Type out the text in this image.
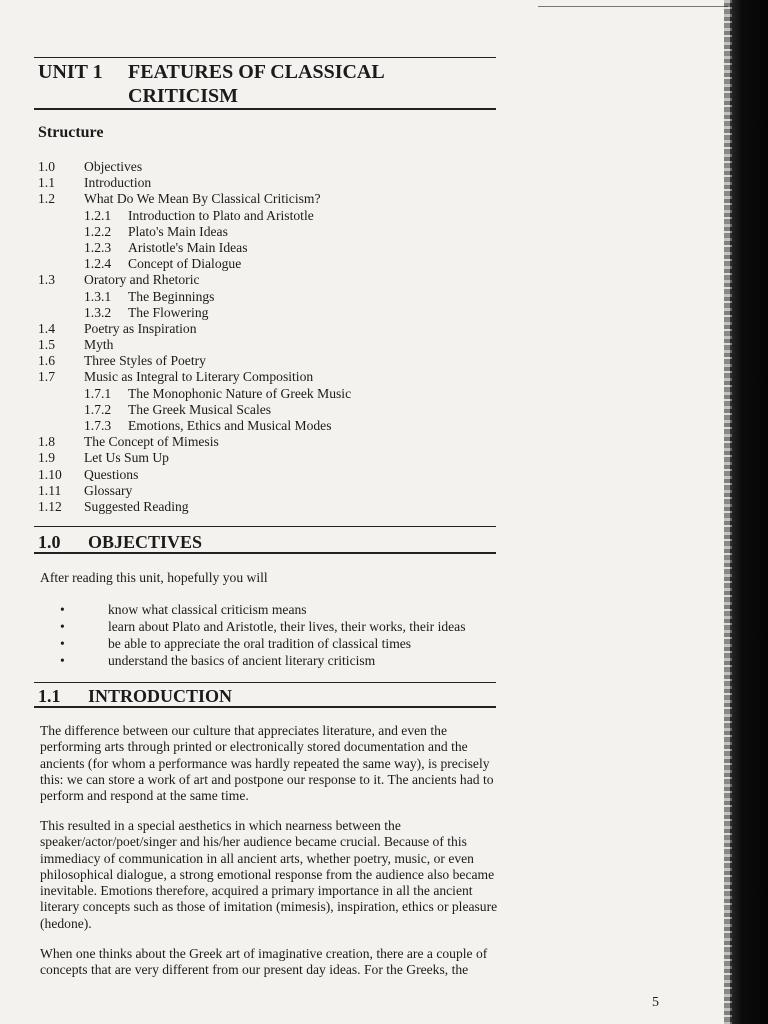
UNIT 1 FEATURES OF CLASSICAL CRITICISM
Structure
1.0 Objectives
1.1 Introduction
1.2 What Do We Mean By Classical Criticism?
1.2.1 Introduction to Plato and Aristotle
1.2.2 Plato's Main Ideas
1.2.3 Aristotle's Main Ideas
1.2.4 Concept of Dialogue
1.3 Oratory and Rhetoric
1.3.1 The Beginnings
1.3.2 The Flowering
1.4 Poetry as Inspiration
1.5 Myth
1.6 Three Styles of Poetry
1.7 Music as Integral to Literary Composition
1.7.1 The Monophonic Nature of Greek Music
1.7.2 The Greek Musical Scales
1.7.3 Emotions, Ethics and Musical Modes
1.8 The Concept of Mimesis
1.9 Let Us Sum Up
1.10 Questions
1.11 Glossary
1.12 Suggested Reading
1.0 OBJECTIVES

After reading this unit, hopefully you will

•	know what classical criticism means
•	learn about Plato and Aristotle, their lives, their works, their ideas
•	be able to appreciate the oral tradition of classical times
•	understand the basics of ancient literary criticism
1.1 INTRODUCTION

The difference between our culture that appreciates literature, and even the performing arts through printed or electronically stored documentation and the ancients (for whom a performance was hardly repeated the same way), is precisely this: we can store a work of art and postpone our response to it. The ancients had to perform and respond at the same time.

This resulted in a special aesthetics in which nearness between the speaker/actor/poet/singer and his/her audience became crucial. Because of this immediacy of communication in all ancient arts, whether poetry, music, or even philosophical dialogue, a strong emotional response from the audience also became inevitable. Emotions therefore, acquired a primary importance in all the ancient literary concepts such as those of imitation (mimesis), inspiration, ethics or pleasure (hedone).

When one thinks about the Greek art of imaginative creation, there are a couple of concepts that are very different from our present day ideas. For the Greeks, the

5
